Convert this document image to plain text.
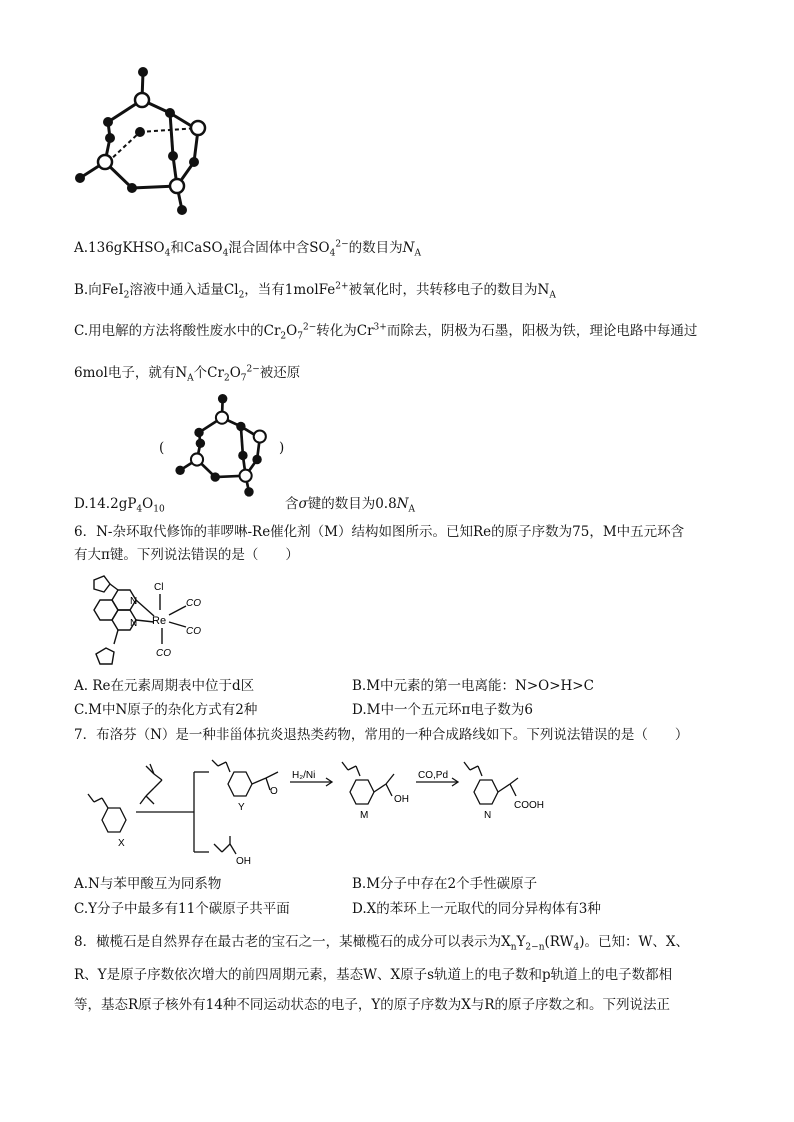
A.136gKHSO$_4$和CaSO$_4$混合固体中含$SO_4^{2-}$的数目为$N_A$
B.向FeI$_2$溶液中通入适量$Cl_2$，当有1molFe$^{2+}$被氧化时，共转移电子的数目为$N_A$
C.用电解的方法将酸性废水中的$Cr_2O_7^{2-}$转化为$Cr^{3+}$而除去，阴极为石墨，阳极为铁，理论电路中每通过
6mol电子，就有$N_A$个$Cr_2O_7^{2-}$被还原
(	)
$D.14.2gP_4O_{10}$	含σ键的数目为$0.8N_A$
6．N-杂环取代修饰的菲啰啉-Re催化剂（M）结构如图所示。已知Re的原子序数为75，M中五元环含
有大π键。下列说法错误的是（　　）
N
N
Cl
Re
CO
CO
CO
A. Re在元素周期表中位于d区	B.M中元素的第一电离能：N>O>H>C
C.M中N原子的杂化方式有2种	D.M中一个五元环π电子数为6
7．布洛芬（N）是一种非甾体抗炎退热类药物，常用的一种合成路线如下。下列说法错误的是（　　）
X
Y
O
H₂/Ni
M
OH
CO,Pd
N
COOH
OH
A.N与苯甲酸互为同系物	B.M分子中存在2个手性碳原子
C.Y分子中最多有11个碳原子共平面	D.X的苯环上一元取代的同分异构体有3种
8．橄榄石是自然界存在最古老的宝石之一，某橄榄石的成分可以表示为$X_nY_{2-n}(RW_4)$。已知：W、X、
R、Y是原子序数依次增大的前四周期元素，基态W、X原子s轨道上的电子数和p轨道上的电子数都相
等，基态R原子核外有14种不同运动状态的电子，Y的原子序数为X与R的原子序数之和。下列说法正
